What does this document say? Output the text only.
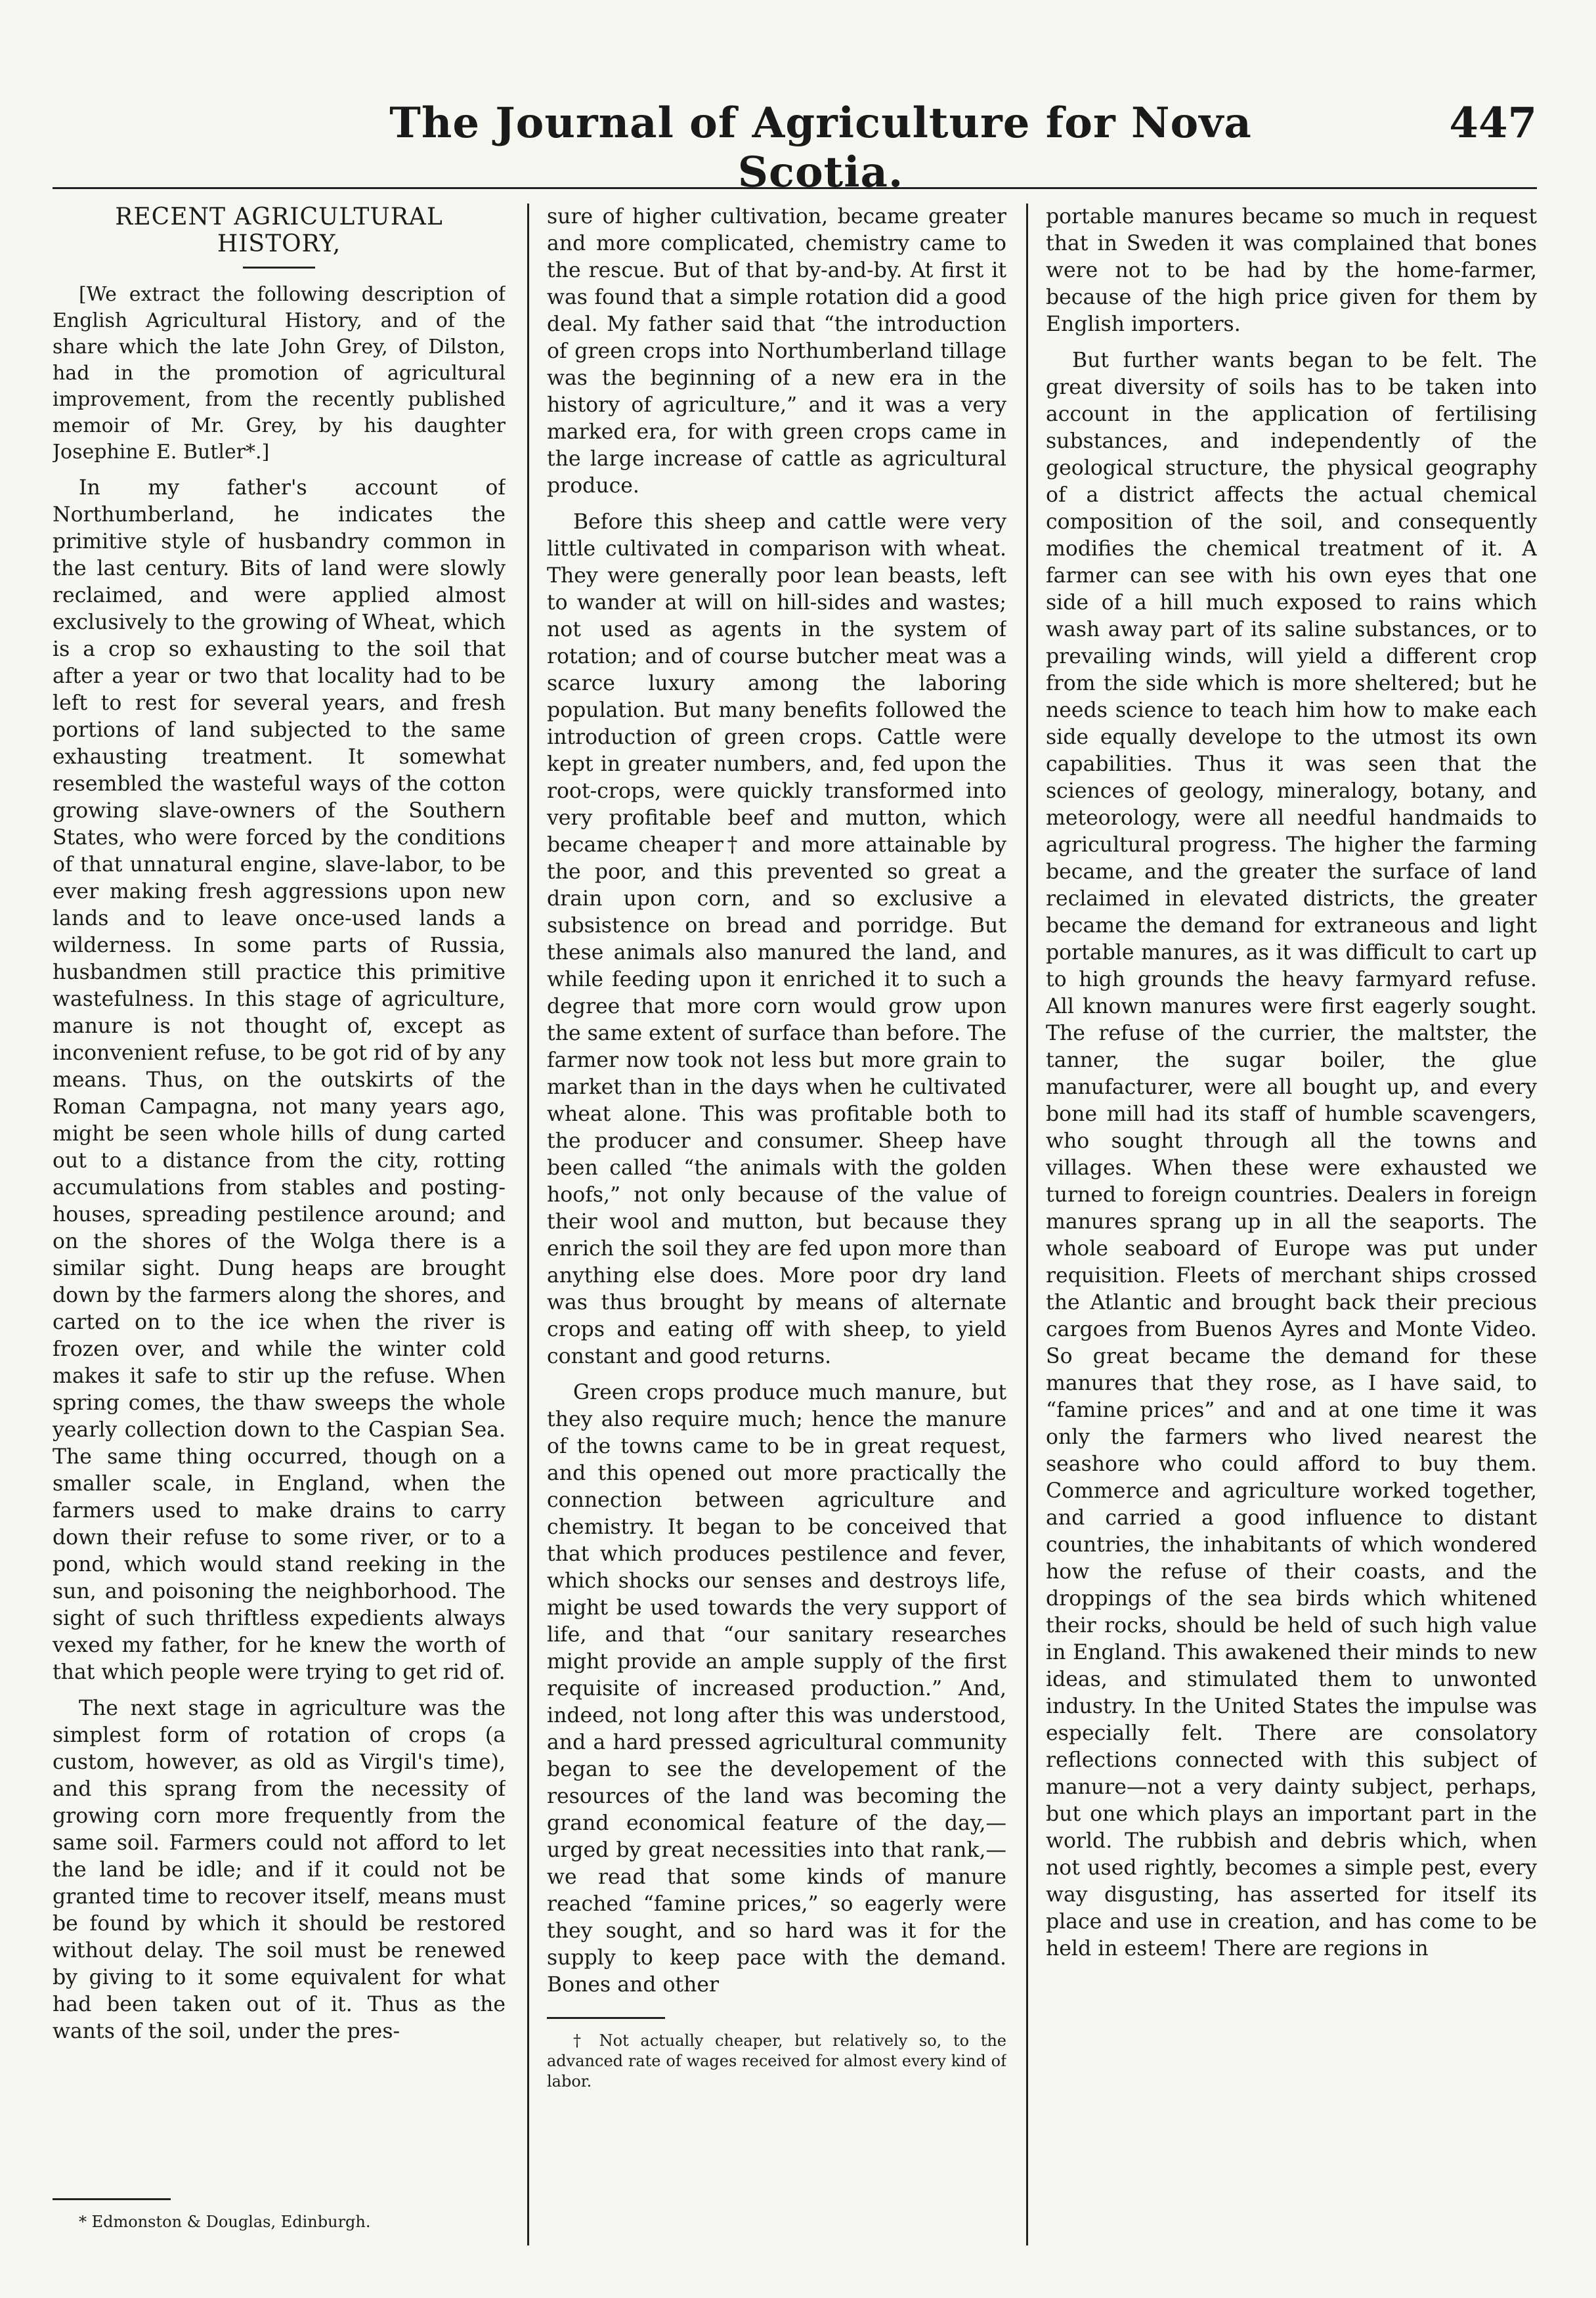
The Journal of Agriculture for Nova Scotia.
447
RECENT AGRICULTURAL HISTORY,

[We extract the following description of English Agricultural History, and of the share which the late John Grey, of Dilston, had in the promotion of agricultural improvement, from the recently published memoir of Mr. Grey, by his daughter Josephine E. Butler*.]

In my father's account of Northumberland, he indicates the primitive style of husbandry common in the last century. Bits of land were slowly reclaimed, and were applied almost exclusively to the growing of Wheat, which is a crop so exhausting to the soil that after a year or two that locality had to be left to rest for several years, and fresh portions of land subjected to the same exhausting treatment. It somewhat resembled the wasteful ways of the cotton growing slave-owners of the Southern States, who were forced by the conditions of that unnatural engine, slave-labor, to be ever making fresh aggressions upon new lands and to leave once-used lands a wilderness. In some parts of Russia, husbandmen still practice this primitive wastefulness. In this stage of agriculture, manure is not thought of, except as inconvenient refuse, to be got rid of by any means. Thus, on the outskirts of the Roman Campagna, not many years ago, might be seen whole hills of dung carted out to a distance from the city, rotting accumulations from stables and posting-houses, spreading pestilence around; and on the shores of the Wolga there is a similar sight. Dung heaps are brought down by the farmers along the shores, and carted on to the ice when the river is frozen over, and while the winter cold makes it safe to stir up the refuse. When spring comes, the thaw sweeps the whole yearly collection down to the Caspian Sea. The same thing occurred, though on a smaller scale, in England, when the farmers used to make drains to carry down their refuse to some river, or to a pond, which would stand reeking in the sun, and poisoning the neighborhood. The sight of such thriftless expedients always vexed my father, for he knew the worth of that which people were trying to get rid of.

The next stage in agriculture was the simplest form of rotation of crops (a custom, however, as old as Virgil's time), and this sprang from the necessity of growing corn more frequently from the same soil. Farmers could not afford to let the land be idle; and if it could not be granted time to recover itself, means must be found by which it should be restored without delay. The soil must be renewed by giving to it some equivalent for what had been taken out of it. Thus as the wants of the soil, under the pres-

* Edmonston & Douglas, Edinburgh.

sure of higher cultivation, became greater and more complicated, chemistry came to the rescue. But of that by-and-by. At first it was found that a simple rotation did a good deal. My father said that “the introduction of green crops into Northumberland tillage was the beginning of a new era in the history of agriculture,” and it was a very marked era, for with green crops came in the large increase of cattle as agricultural produce.

Before this sheep and cattle were very little cultivated in comparison with wheat. They were generally poor lean beasts, left to wander at will on hill-sides and wastes; not used as agents in the system of rotation; and of course butcher meat was a scarce luxury among the laboring population. But many benefits followed the introduction of green crops. Cattle were kept in greater numbers, and, fed upon the root-crops, were quickly transformed into very profitable beef and mutton, which became cheaper† and more attainable by the poor, and this prevented so great a drain upon corn, and so exclusive a subsistence on bread and porridge. But these animals also manured the land, and while feeding upon it enriched it to such a degree that more corn would grow upon the same extent of surface than before. The farmer now took not less but more grain to market than in the days when he cultivated wheat alone. This was profitable both to the producer and consumer. Sheep have been called “the animals with the golden hoofs,” not only because of the value of their wool and mutton, but because they enrich the soil they are fed upon more than anything else does. More poor dry land was thus brought by means of alternate crops and eating off with sheep, to yield constant and good returns.

Green crops produce much manure, but they also require much; hence the manure of the towns came to be in great request, and this opened out more practically the connection between agriculture and chemistry. It began to be conceived that that which produces pestilence and fever, which shocks our senses and destroys life, might be used towards the very support of life, and that “our sanitary researches might provide an ample supply of the first requisite of increased production.” And, indeed, not long after this was understood, and a hard pressed agricultural community began to see the developement of the resources of the land was becoming the grand economical feature of the day,—urged by great necessities into that rank,—we read that some kinds of manure reached “famine prices,” so eagerly were they sought, and so hard was it for the supply to keep pace with the demand. Bones and other

† Not actually cheaper, but relatively so, to the advanced rate of wages received for almost every kind of labor.

portable manures became so much in request that in Sweden it was complained that bones were not to be had by the home-farmer, because of the high price given for them by English importers.

But further wants began to be felt. The great diversity of soils has to be taken into account in the application of fertilising substances, and independently of the geological structure, the physical geography of a district affects the actual chemical composition of the soil, and consequently modifies the chemical treatment of it. A farmer can see with his own eyes that one side of a hill much exposed to rains which wash away part of its saline substances, or to prevailing winds, will yield a different crop from the side which is more sheltered; but he needs science to teach him how to make each side equally develope to the utmost its own capabilities. Thus it was seen that the sciences of geology, mineralogy, botany, and meteorology, were all needful handmaids to agricultural progress. The higher the farming became, and the greater the surface of land reclaimed in elevated districts, the greater became the demand for extraneous and light portable manures, as it was difficult to cart up to high grounds the heavy farmyard refuse. All known manures were first eagerly sought. The refuse of the currier, the maltster, the tanner, the sugar boiler, the glue manufacturer, were all bought up, and every bone mill had its staff of humble scavengers, who sought through all the towns and villages. When these were exhausted we turned to foreign countries. Dealers in foreign manures sprang up in all the seaports. The whole seaboard of Europe was put under requisition. Fleets of merchant ships crossed the Atlantic and brought back their precious cargoes from Buenos Ayres and Monte Video. So great became the demand for these manures that they rose, as I have said, to “famine prices” and and at one time it was only the farmers who lived nearest the seashore who could afford to buy them. Commerce and agriculture worked together, and carried a good influence to distant countries, the inhabitants of which wondered how the refuse of their coasts, and the droppings of the sea birds which whitened their rocks, should be held of such high value in England. This awakened their minds to new ideas, and stimulated them to unwonted industry. In the United States the impulse was especially felt. There are consolatory reflections connected with this subject of manure—not a very dainty subject, perhaps, but one which plays an important part in the world. The rubbish and debris which, when not used rightly, becomes a simple pest, every way disgusting, has asserted for itself its place and use in creation, and has come to be held in esteem! There are regions in
